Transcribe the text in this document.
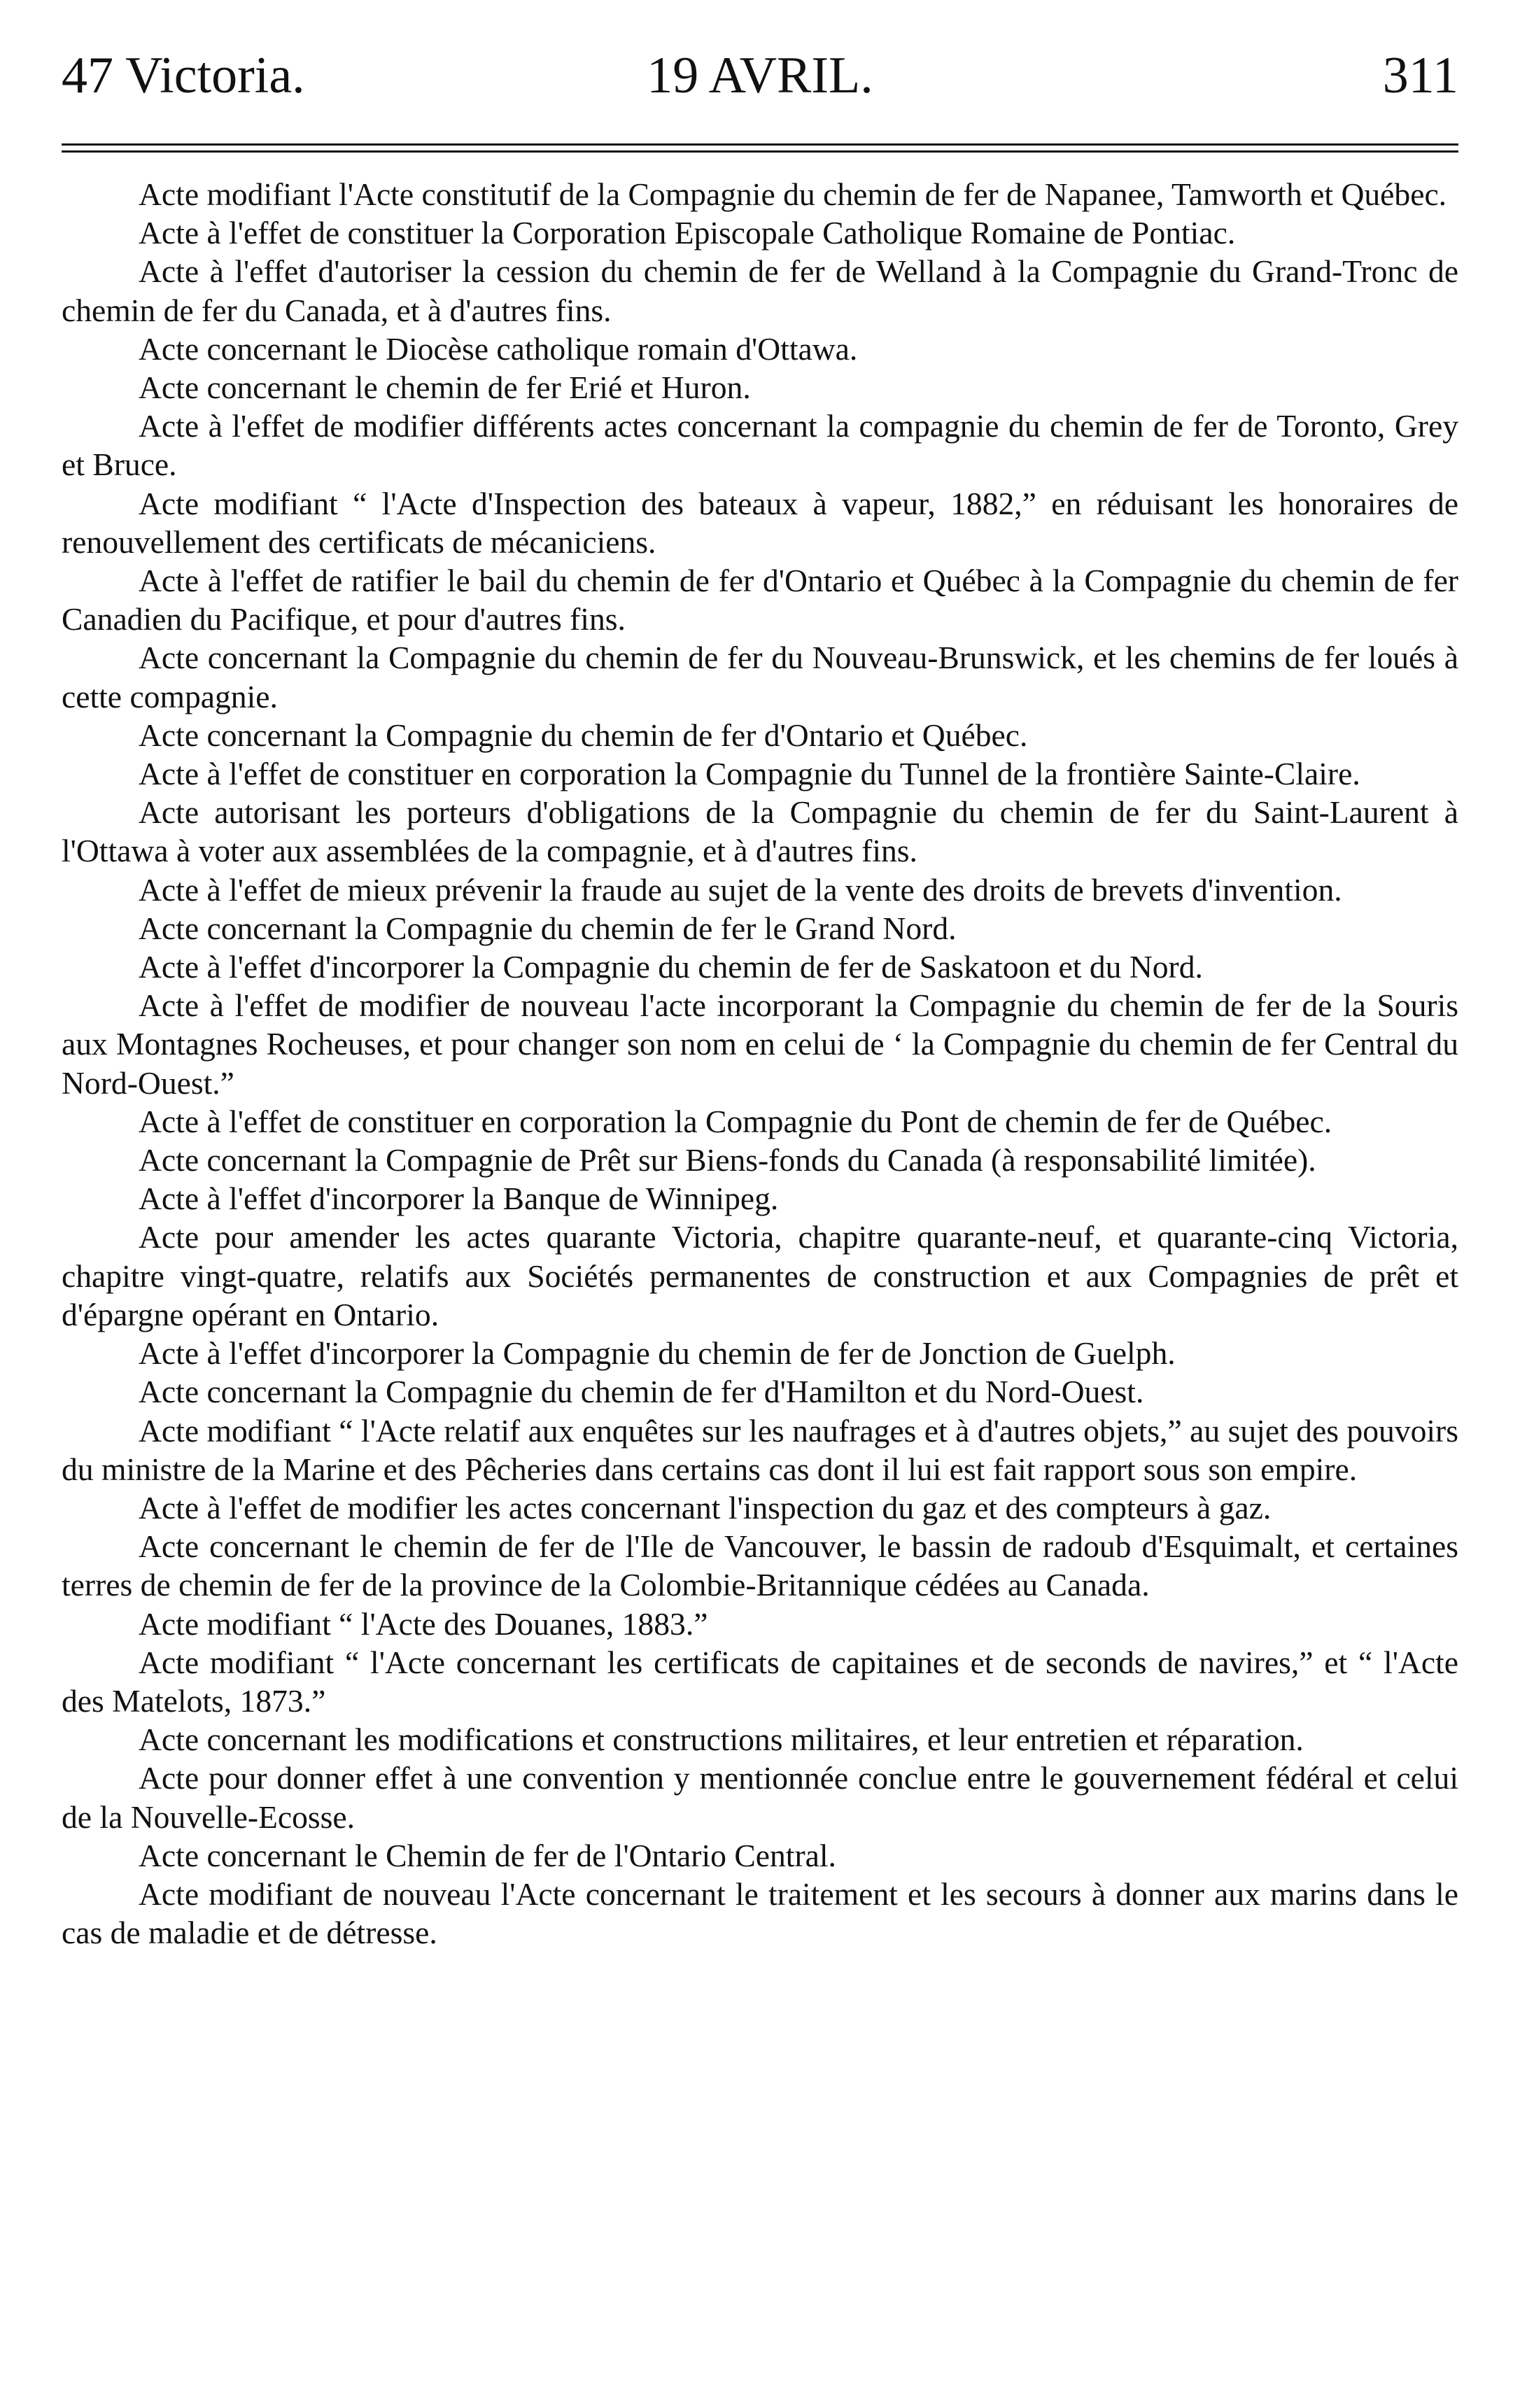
47 Victoria.	19 AVRIL.	311

Acte modifiant l'Acte constitutif de la Compagnie du chemin de fer de Napanee, Tamworth et Québec.

Acte à l'effet de constituer la Corporation Episcopale Catholique Romaine de Pontiac.

Acte à l'effet d'autoriser la cession du chemin de fer de Welland à la Compagnie du Grand-Tronc de chemin de fer du Canada, et à d'autres fins.

Acte concernant le Diocèse catholique romain d'Ottawa.

Acte concernant le chemin de fer Erié et Huron.

Acte à l'effet de modifier différents actes concernant la compagnie du chemin de fer de Toronto, Grey et Bruce.

Acte modifiant “ l'Acte d'Inspection des bateaux à vapeur, 1882,” en réduisant les honoraires de renouvellement des certificats de mécaniciens.

Acte à l'effet de ratifier le bail du chemin de fer d'Ontario et Québec à la Compagnie du chemin de fer Canadien du Pacifique, et pour d'autres fins.

Acte concernant la Compagnie du chemin de fer du Nouveau-Brunswick, et les chemins de fer loués à cette compagnie.

Acte concernant la Compagnie du chemin de fer d'Ontario et Québec.

Acte à l'effet de constituer en corporation la Compagnie du Tunnel de la frontière Sainte-Claire.

Acte autorisant les porteurs d'obligations de la Compagnie du chemin de fer du Saint-Laurent à l'Ottawa à voter aux assemblées de la compagnie, et à d'autres fins.

Acte à l'effet de mieux prévenir la fraude au sujet de la vente des droits de brevets d'invention.

Acte concernant la Compagnie du chemin de fer le Grand Nord.

Acte à l'effet d'incorporer la Compagnie du chemin de fer de Saskatoon et du Nord.

Acte à l'effet de modifier de nouveau l'acte incorporant la Compagnie du chemin de fer de la Souris aux Montagnes Rocheuses, et pour changer son nom en celui de ‘ la Compagnie du chemin de fer Central du Nord-Ouest.”

Acte à l'effet de constituer en corporation la Compagnie du Pont de chemin de fer de Québec.

Acte concernant la Compagnie de Prêt sur Biens-fonds du Canada (à responsabilité limitée).

Acte à l'effet d'incorporer la Banque de Winnipeg.

Acte pour amender les actes quarante Victoria, chapitre quarante-neuf, et quarante-cinq Victoria, chapitre vingt-quatre, relatifs aux Sociétés permanentes de construction et aux Compagnies de prêt et d'épargne opérant en Ontario.

Acte à l'effet d'incorporer la Compagnie du chemin de fer de Jonction de Guelph.

Acte concernant la Compagnie du chemin de fer d'Hamilton et du Nord-Ouest.

Acte modifiant “ l'Acte relatif aux enquêtes sur les naufrages et à d'autres objets,” au sujet des pouvoirs du ministre de la Marine et des Pêcheries dans certains cas dont il lui est fait rapport sous son empire.

Acte à l'effet de modifier les actes concernant l'inspection du gaz et des compteurs à gaz.

Acte concernant le chemin de fer de l'Ile de Vancouver, le bassin de radoub d'Esquimalt, et certaines terres de chemin de fer de la province de la Colombie-Britannique cédées au Canada.

Acte modifiant “ l'Acte des Douanes, 1883.”

Acte modifiant “ l'Acte concernant les certificats de capitaines et de seconds de navires,” et “ l'Acte des Matelots, 1873.”

Acte concernant les modifications et constructions militaires, et leur entretien et réparation.

Acte pour donner effet à une convention y mentionnée conclue entre le gouvernement fédéral et celui de la Nouvelle-Ecosse.

Acte concernant le Chemin de fer de l'Ontario Central.

Acte modifiant de nouveau l'Acte concernant le traitement et les secours à donner aux marins dans le cas de maladie et de détresse.
